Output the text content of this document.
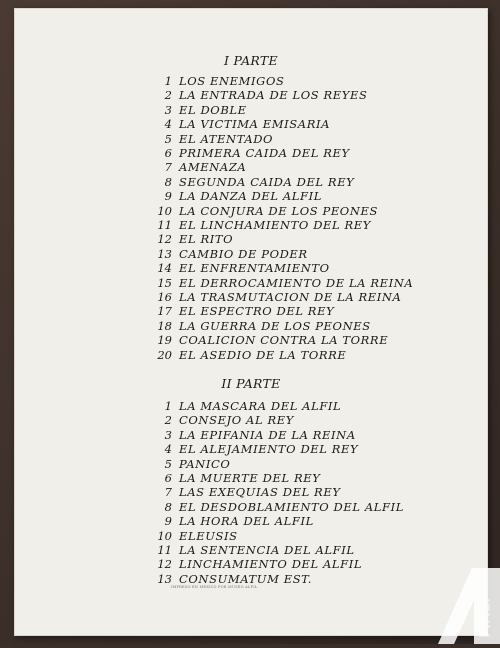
I PARTE
1 LOS ENEMIGOS
2 LA ENTRADA DE LOS REYES
3 EL DOBLE
4 LA VICTIMA EMISARIA
5 EL ATENTADO
6 PRIMERA CAIDA DEL REY
7 AMENAZA
8 SEGUNDA CAIDA DEL REY
9 LA DANZA DEL ALFIL
10 LA CONJURA DE LOS PEONES
11 EL LINCHAMIENTO DEL REY
12 EL RITO
13 CAMBIO DE PODER
14 EL ENFRENTAMIENTO
15 EL DERROCAMIENTO DE LA REINA
16 LA TRASMUTACION DE LA REINA
17 EL ESPECTRO DEL REY
18 LA GUERRA DE LOS PEONES
19 COALICION CONTRA LA TORRE
20 EL ASEDIO DE LA TORRE
II PARTE
1 LA MASCARA DEL ALFIL
2 CONSEJO AL REY
3 LA EPIFANIA DE LA REINA
4 EL ALEJAMIENTO DEL REY
5 PANICO
6 LA MUERTE DEL REY
7 LAS EXEQUIAS DEL REY
8 EL DESDOBLAMIENTO DEL ALFIL
9 LA HORA DEL ALFIL
10 ELEUSIS
11 LA SENTENCIA DEL ALFIL
12 LINCHAMIENTO DEL ALFIL
13 CONSUMATUM EST.
IMPRESO EN MEXICO POR MUSEO ALFIL
MALI
